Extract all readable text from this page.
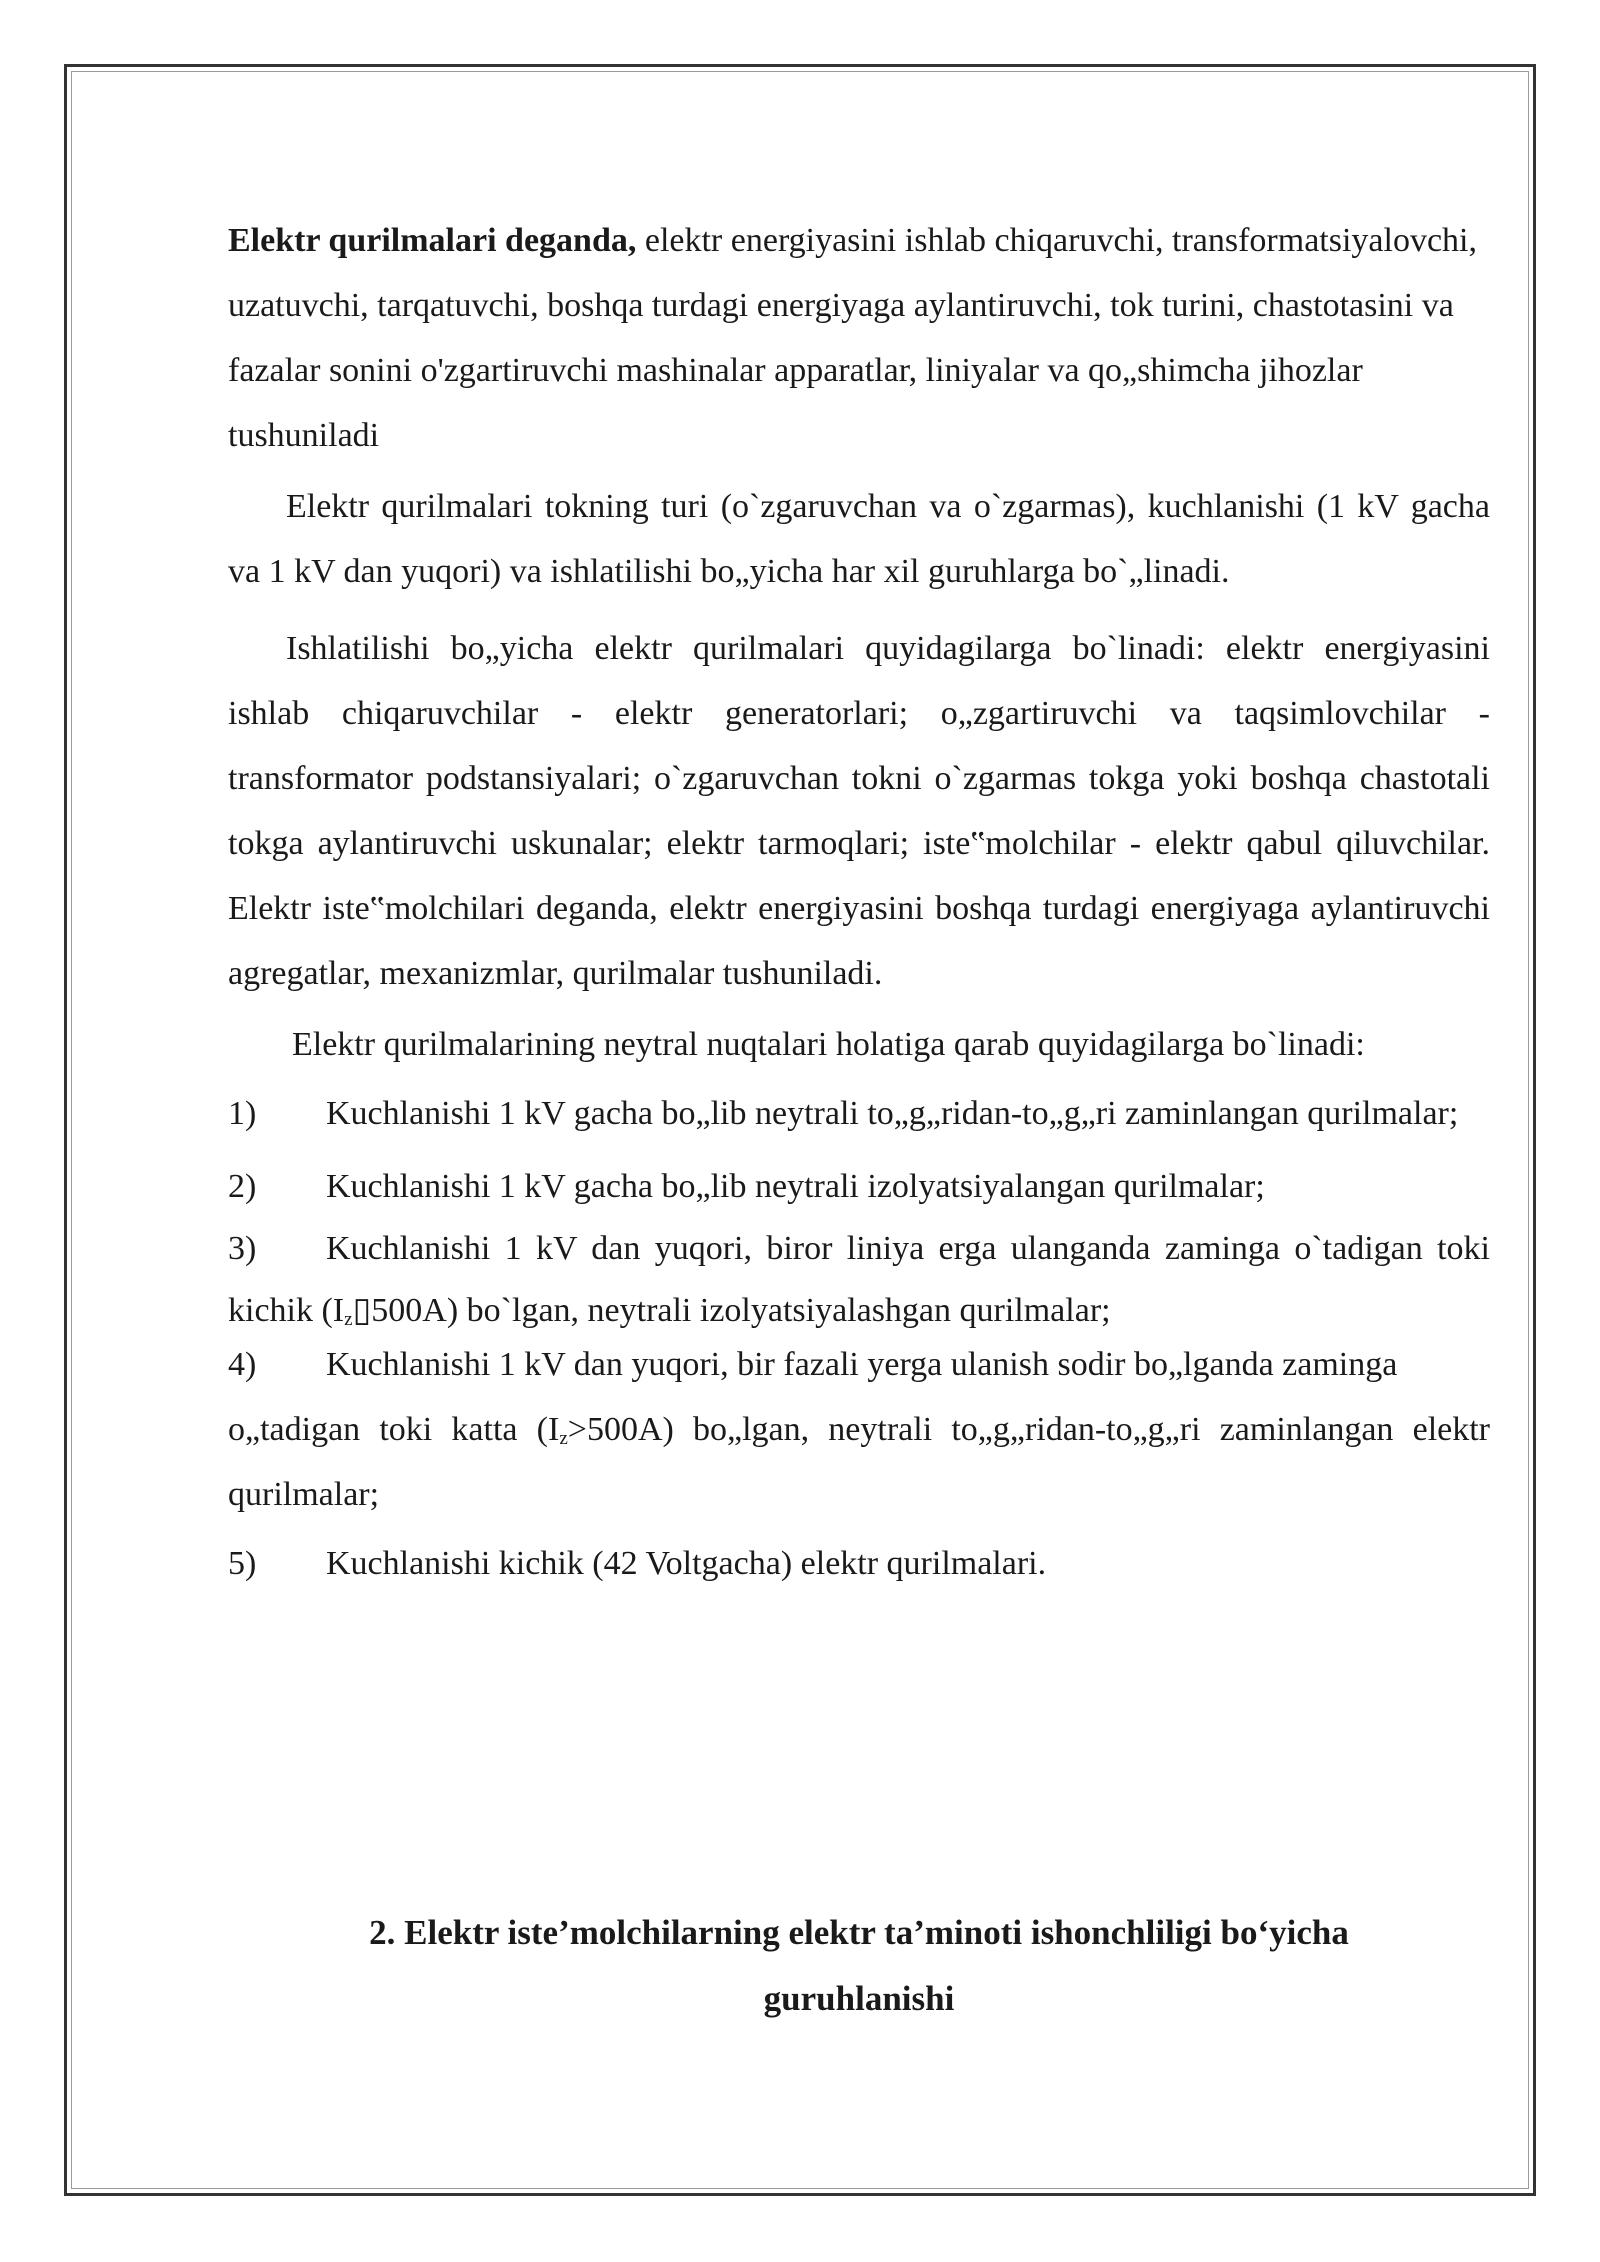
Elektr qurilmalari deganda, elektr energiyasini ishlab chiqaruvchi, transformatsiyalovchi, uzatuvchi, tarqatuvchi, boshqa turdagi energiyaga aylantiruvchi, tok turini, chastotasini va fazalar sonini o'zgartiruvchi mashinalar apparatlar, liniyalar va qo„shimcha jihozlar tushuniladi

Elektr qurilmalari tokning turi (o`zgaruvchan va o`zgarmas), kuchlanishi (1 kV gacha va 1 kV dan yuqori) va ishlatilishi bo„yicha har xil guruhlarga bo`„linadi.

Ishlatilishi bo„yicha elektr qurilmalari quyidagilarga bo`linadi: elektr energiyasini ishlab chiqaruvchilar - elektr generatorlari; o„zgartiruvchi va taqsimlovchilar - transformator podstansiyalari; o`zgaruvchan tokni o`zgarmas tokga yoki boshqa chastotali tokga aylantiruvchi uskunalar; elektr tarmoqlari; iste‟molchilar - elektr qabul qiluvchilar. Elektr iste‟molchilari deganda, elektr energiyasini boshqa turdagi energiyaga aylantiruvchi agregatlar, mexanizmlar, qurilmalar tushuniladi.

Elektr qurilmalarining neytral nuqtalari holatiga qarab quyidagilarga bo`linadi:

1) Kuchlanishi 1 kV gacha bo„lib neytrali to„g„ridan-to„g„ri zaminlangan qurilmalar;

2) Kuchlanishi 1 kV gacha bo„lib neytrali izolyatsiyalangan qurilmalar;

3) Kuchlanishi 1 kV dan yuqori, biror liniya erga ulanganda zaminga o`tadigan toki kichik $(I_z▯500A)$ bo`lgan, neytrali izolyatsiyalashgan qurilmalar;

4) Kuchlanishi 1 kV dan yuqori, bir fazali yerga ulanish sodir bo„lganda zaminga
o„tadigan toki katta $(I_z>500A)$ bo„lgan, neytrali to„g„ridan-to„g„ri zaminlangan elektr qurilmalar;

5) Kuchlanishi kichik (42 Voltgacha) elektr qurilmalari.

2. Elektr iste’molchilarning elektr ta’minoti ishonchliligi bo‘yicha
guruhlanishi
